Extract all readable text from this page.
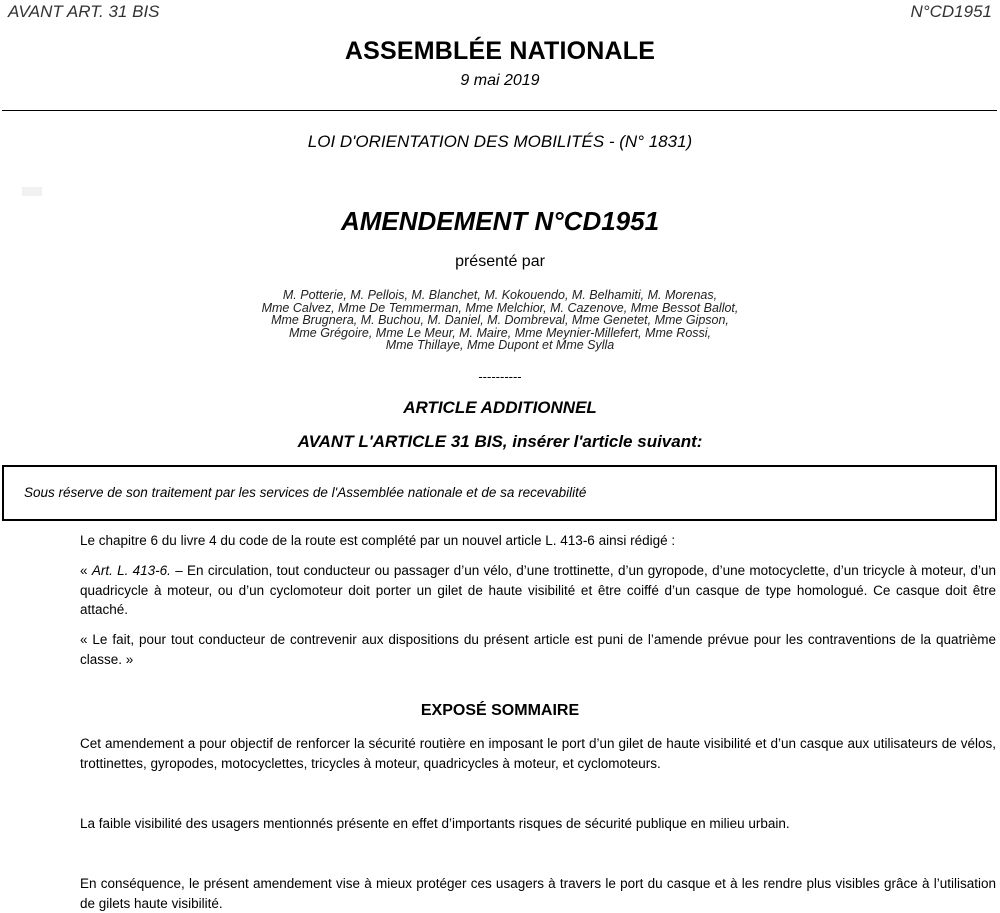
AVANT ART. 31 BIS	N°CD1951
ASSEMBLÉE NATIONALE
9 mai 2019
LOI D'ORIENTATION DES MOBILITÉS - (N° 1831)
AMENDEMENT N°CD1951
présenté par
M. Potterie, M. Pellois, M. Blanchet, M. Kokouendo, M. Belhamiti, M. Morenas,
Mme Calvez, Mme De Temmerman, Mme Melchior, M. Cazenove, Mme Bessot Ballot,
Mme Brugnera, M. Buchou, M. Daniel, M. Dombreval, Mme Genetet, Mme Gipson,
Mme Grégoire, Mme Le Meur, M. Maire, Mme Meynier-Millefert, Mme Rossi,
Mme Thillaye, Mme Dupont et Mme Sylla
----------
ARTICLE ADDITIONNEL
AVANT L'ARTICLE 31 BIS, insérer l'article suivant:
Sous réserve de son traitement par les services de l'Assemblée nationale et de sa recevabilité
Le chapitre 6 du livre 4 du code de la route est complété par un nouvel article L. 413-6 ainsi rédigé :
« Art. L. 413-6. – En circulation, tout conducteur ou passager d’un vélo, d’une trottinette, d’un gyropode, d’une motocyclette, d’un tricycle à moteur, d’un quadricycle à moteur, ou d’un cyclomoteur doit porter un gilet de haute visibilité et être coiffé d’un casque de type homologué. Ce casque doit être attaché.
« Le fait, pour tout conducteur de contrevenir aux dispositions du présent article est puni de l’amende prévue pour les contraventions de la quatrième classe. »
EXPOSÉ SOMMAIRE
Cet amendement a pour objectif de renforcer la sécurité routière en imposant le port d’un gilet de haute visibilité et d’un casque aux utilisateurs de vélos, trottinettes, gyropodes, motocyclettes, tricycles à moteur, quadricycles à moteur, et cyclomoteurs.
La faible visibilité des usagers mentionnés présente en effet d’importants risques de sécurité publique en milieu urbain.
En conséquence, le présent amendement vise à mieux protéger ces usagers à travers le port du casque et à les rendre plus visibles grâce à l’utilisation de gilets haute visibilité.
